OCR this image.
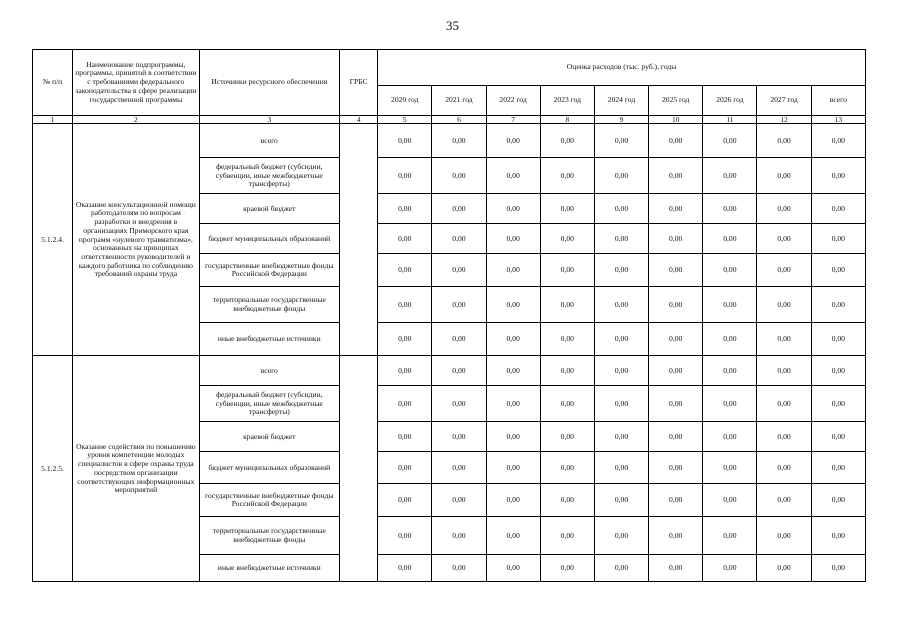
35
№ п/п	Наименование подпрограммы, программы, принятой в соответствии с требованиями федерального законодательства в сфере реализации государственной программы	Источники ресурсного обеспечения	ГРБС	Оценка расходов (тыс. руб.), годы								
				2020 год	2021 год	2022 год	2023 год	2024 год	2025 год	2026 год	2027 год	всего
1	2	3	4	5	6	7	8	9	10	11	12	13
5.1.2.4.	Оказание консультационной помощи работодателям по вопросам разработки и внедрения в организациях Приморского края программ «нулевого травматизма», основанных на принципах ответственности руководителей и каждого работника по соблюдению требований охраны труда	всего		0,00	0,00	0,00	0,00	0,00	0,00	0,00	0,00	0,00
		федеральный бюджет (субсидии, субвенции, иные межбюджетные трансферты)		0,00	0,00	0,00	0,00	0,00	0,00	0,00	0,00	0,00
		краевой бюджет		0,00	0,00	0,00	0,00	0,00	0,00	0,00	0,00	0,00
		бюджет муниципальных образований		0,00	0,00	0,00	0,00	0,00	0,00	0,00	0,00	0,00
		государственные внебюджетные фонды Российской Федерации		0,00	0,00	0,00	0,00	0,00	0,00	0,00	0,00	0,00
		территориальные государственные внебюджетные фонды		0,00	0,00	0,00	0,00	0,00	0,00	0,00	0,00	0,00
		иные внебюджетные источники		0,00	0,00	0,00	0,00	0,00	0,00	0,00	0,00	0,00
5.1.2.5.	Оказание содействия по повышению уровня компетенции молодых специалистов в сфере охраны труда посредством организации соответствующих информационных мероприятий	всего		0,00	0,00	0,00	0,00	0,00	0,00	0,00	0,00	0,00
		федеральный бюджет (субсидии, субвенции, иные межбюджетные трансферты)		0,00	0,00	0,00	0,00	0,00	0,00	0,00	0,00	0,00
		краевой бюджет		0,00	0,00	0,00	0,00	0,00	0,00	0,00	0,00	0,00
		бюджет муниципальных образований		0,00	0,00	0,00	0,00	0,00	0,00	0,00	0,00	0,00
		государственные внебюджетные фонды Российской Федерации		0,00	0,00	0,00	0,00	0,00	0,00	0,00	0,00	0,00
		территориальные государственные внебюджетные фонды		0,00	0,00	0,00	0,00	0,00	0,00	0,00	0,00	0,00
		иные внебюджетные источники		0,00	0,00	0,00	0,00	0,00	0,00	0,00	0,00	0,00
